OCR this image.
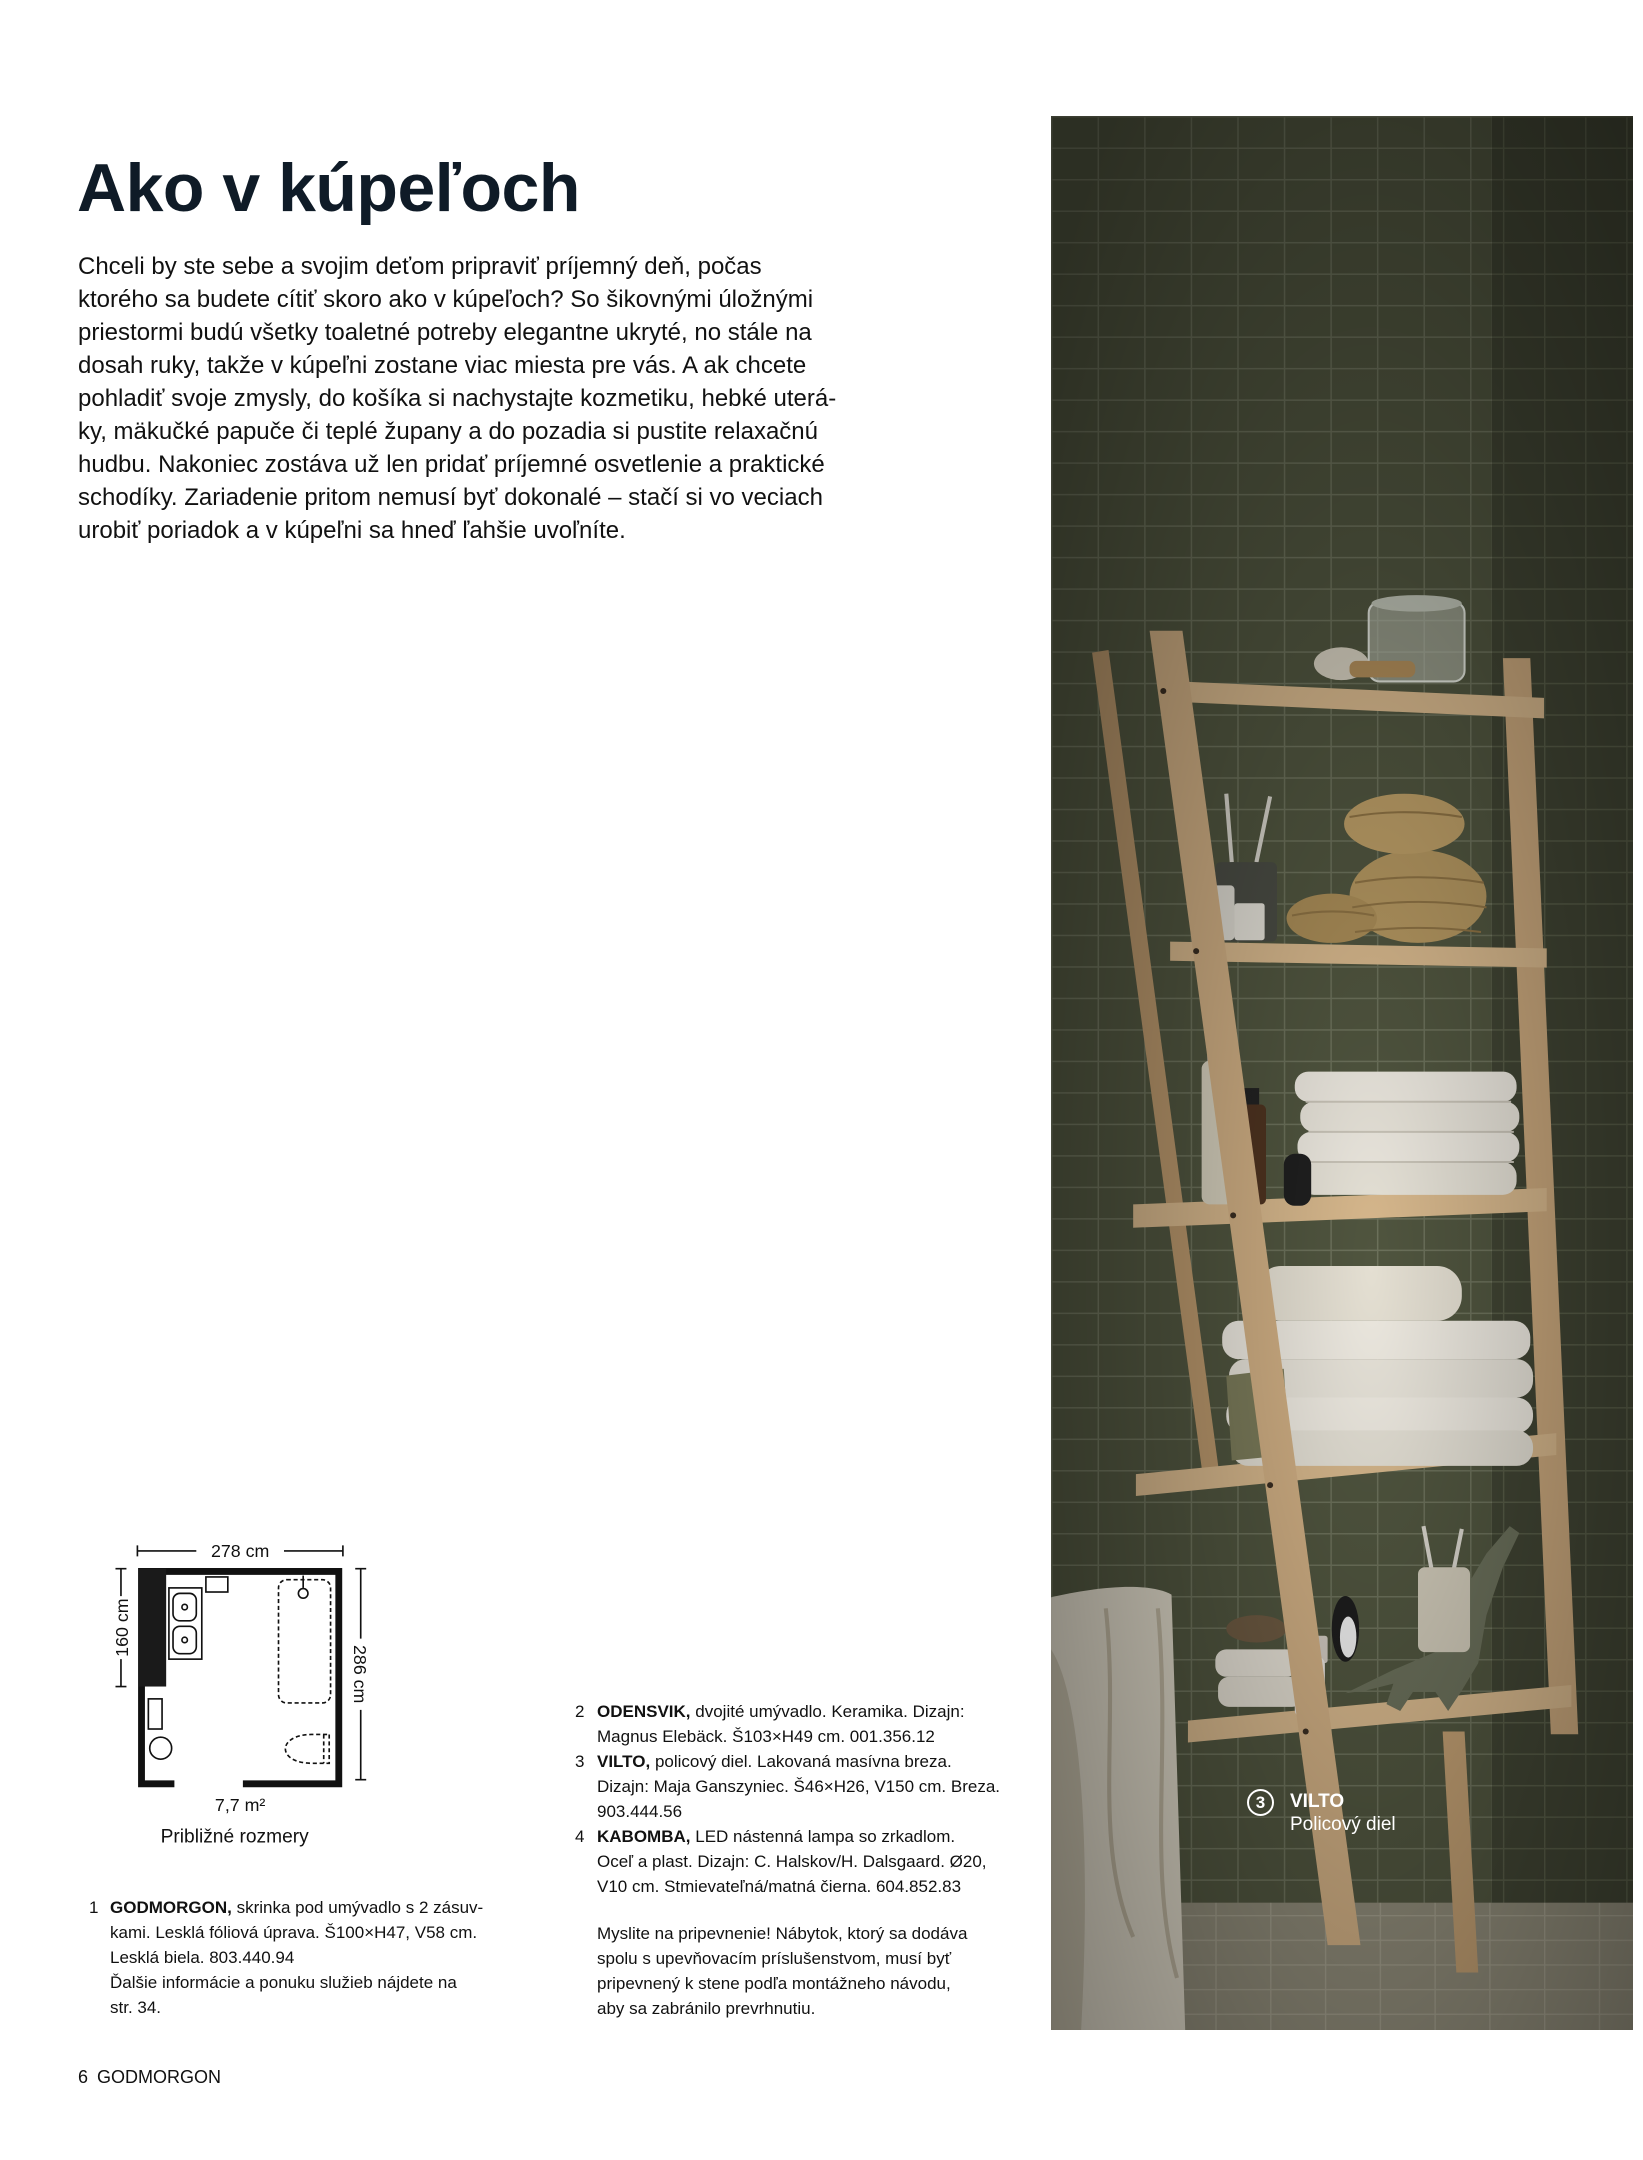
Ako v kúpeľoch
Chceli by ste sebe a svojim deťom pripraviť príjemný deň, počas
ktorého sa budete cítiť skoro ako v kúpeľoch? So šikovnými úložnými
priestormi budú všetky toaletné potreby elegantne ukryté, no stále na
dosah ruky, takže v kúpeľni zostane viac miesta pre vás. A ak chcete
pohladiť svoje zmysly, do košíka si nachystajte kozmetiku, hebké uterá-
ky, mäkučké papuče či teplé župany a do pozadia si pustite relaxačnú
hudbu. Nakoniec zostáva už len pridať príjemné osvetlenie a praktické
schodíky. Zariadenie pritom nemusí byť dokonalé – stačí si vo veciach
urobiť poriadok a v kúpeľni sa hneď ľahšie uvoľníte.
278 cm
160 cm
286 cm
7,7 m²
Približné rozmery
1 GODMORGON, skrinka pod umývadlo s 2 zásuv-
kami. Lesklá fóliová úprava. Š100×H47, V58 cm.
Lesklá biela. 803.440.94
Ďalšie informácie a ponuku služieb nájdete na
str. 34.
2 ODENSVIK, dvojité umývadlo. Keramika. Dizajn:
Magnus Elebäck. Š103×H49 cm. 001.356.12
3 VILTO, policový diel. Lakovaná masívna breza.
Dizajn: Maja Ganszyniec. Š46×H26, V150 cm. Breza.
903.444.56
4 KABOMBA, LED nástenná lampa so zrkadlom.
Oceľ a plast. Dizajn: C. Halskov/H. Dalsgaard. Ø20,
V10 cm. Stmievateľná/matná čierna. 604.852.83
Myslite na pripevnenie! Nábytok, ktorý sa dodáva
spolu s upevňovacím príslušenstvom, musí byť
pripevnený k stene podľa montážneho návodu,
aby sa zabránilo prevrhnutiu.
3	VILTO
Policový diel
6 GODMORGON
